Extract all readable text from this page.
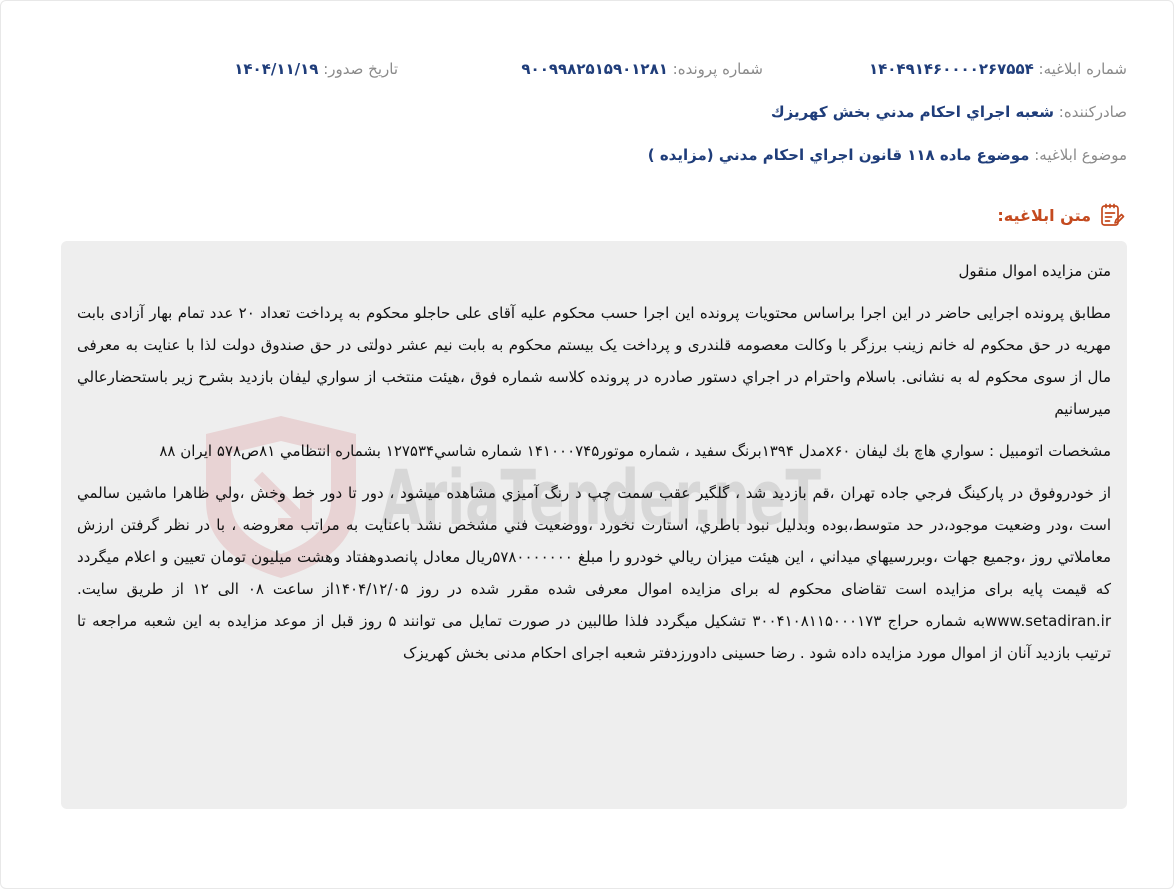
شماره ابلاغيه: ۱۴۰۴۹۱۴۶۰۰۰۰۲۶۷۵۵۴
شماره پرونده: ۹۰۰۹۹۸۲۵۱۵۹۰۱۲۸۱
تاريخ صدور: ۱۴۰۴/۱۱/۱۹
صادرکننده: شعبه اجراي احکام مدني بخش كهريزك
موضوع ابلاغيه: موضوع ماده ۱۱۸ قانون اجراي احكام مدني (مزايده )
متن ابلاغيه:
AriaTender.neT

متن مزايده اموال منقول

مطابق پرونده اجرايی حاضر در اين اجرا براساس محتويات پرونده اين اجرا حسب محکوم عليه آقای علی حاجلو محکوم به پرداخت تعداد ۲۰ عدد تمام بهار آزادی بابت مهريه در حق محکوم له خانم زينب برزگر با وکالت معصومه قلندری و پرداخت يک بيستم محکوم به بابت نيم عشر دولتی در حق صندوق دولت لذا با عنايت به معرفی مال از سوی محکوم له به نشانی. باسلام واحترام در اجراي دستور صادره در پرونده كلاسه شماره فوق ،هيئت منتخب از سواري ليفان بازديد بشرح زير باستحضارعالي ميرسانيم

مشخصات اتومبيل : سواري هاچ بك ليفان x۶۰مدل ۱۳۹۴برنگ سفيد ، شماره موتور۱۴۱۰۰۰۷۴۵ شماره شاسي۱۲۷۵۳۴ بشماره انتظامي ۸۱ص۵۷۸ ايران ۸۸

از خودروفوق در پاركينگ فرجي جاده تهران ،قم بازديد شد ، گلگير عقب سمت چپ د رنگ آميزي مشاهده ميشود ، دور تا دور خط وخش ،ولي ظاهرا ماشين سالمي است ،ودر وضعيت موجود،در حد متوسط،بوده وبدليل نبود باطري، استارت نخورد ،ووضعيت فني مشخص نشد باعنايت به مراتب معروضه ، با در نظر گرفتن ارزش معاملاتي روز ،وجميع جهات ،وبررسيهاي ميداني ، اين هيئت ميزان ريالي خودرو را مبلغ ۵۷۸۰۰۰۰۰۰۰ريال معادل پانصدوهفتاد وهشت ميليون تومان تعيين و اعلام ميگردد كه قيمت پايه برای مزايده است تقاضای محكوم له برای مزايده اموال معرفی شده مقرر شده در روز ۱۴۰۴/۱۲/۰۵از ساعت ۰۸ الی ۱۲ از طريق سايت. www.setadiran.irبه شماره حراج ۳۰۰۴۱۰۸۱۱۵۰۰۰۱۷۳ تشكيل ميگردد فلذا طالبين در صورت تمايل می توانند ۵ روز قبل از موعد مزايده به اين شعبه مراجعه تا ترتيب بازديد آنان از اموال مورد مزايده داده شود . رضا حسينی دادورزدفتر شعبه اجرای احکام مدنی بخش کهريزک
